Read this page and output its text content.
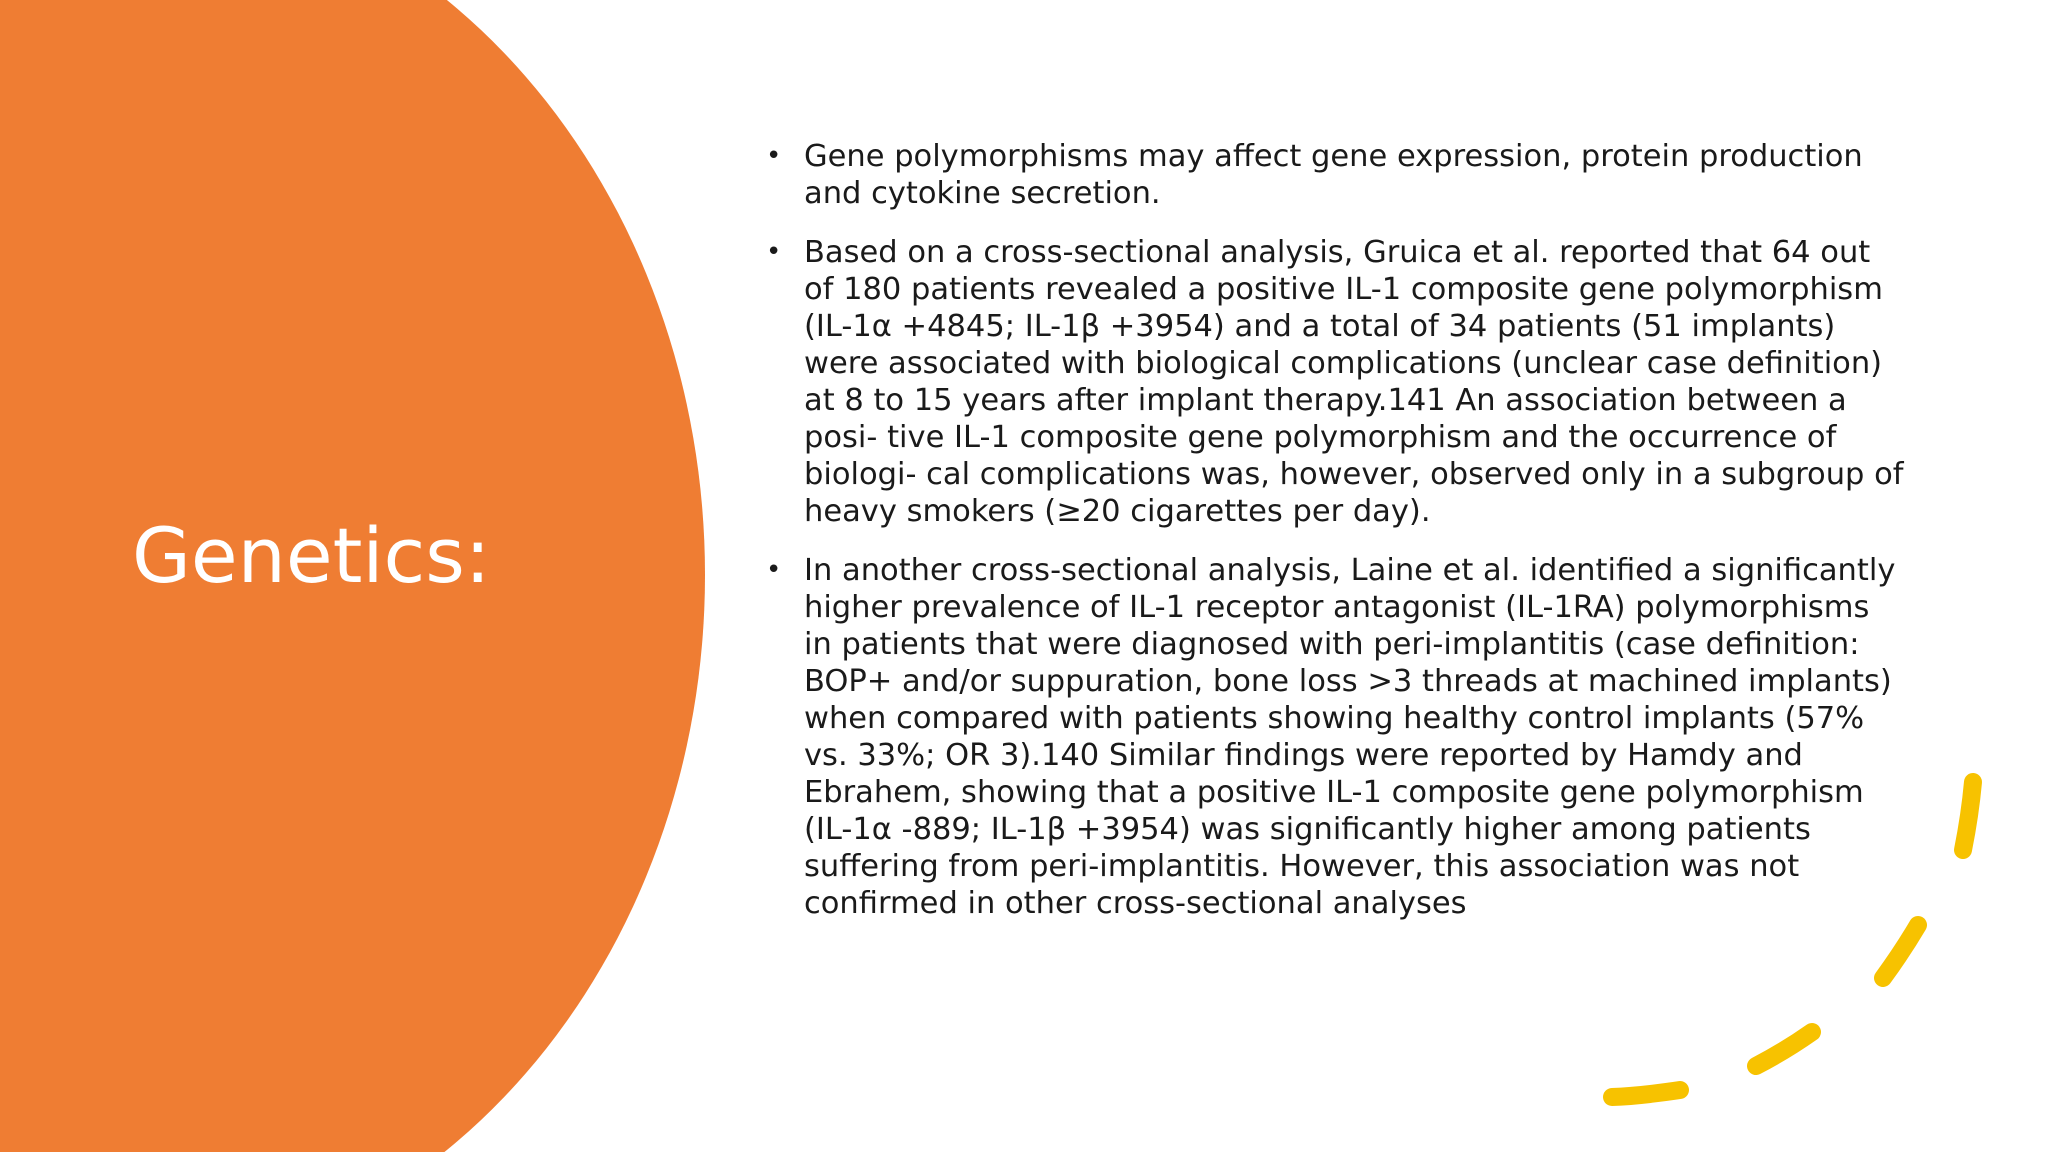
Genetics:
• Gene polymorphisms may affect gene expression, protein production and cytokine secretion.
• Based on a cross-sectional analysis, Gruica et al. reported that 64 out of 180 patients revealed a positive IL-1 composite gene polymorphism (IL-1α +4845; IL-1β +3954) and a total of 34 patients (51 implants) were associated with biological complications (unclear case definition) at 8 to 15 years after implant therapy.141 An association between a posi- tive IL-1 composite gene polymorphism and the occurrence of biologi- cal complications was, however, observed only in a subgroup of heavy smokers (≥20 cigarettes per day).
• In another cross-sectional analysis, Laine et al. identified a significantly higher prevalence of IL-1 receptor antagonist (IL-1RA) polymorphisms in patients that were diagnosed with peri-implantitis (case definition: BOP+ and/or suppuration, bone loss >3 threads at machined implants) when compared with patients showing healthy control implants (57% vs. 33%; OR 3).140 Similar findings were reported by Hamdy and Ebrahem, showing that a positive IL-1 composite gene polymorphism (IL-1α -889; IL-1β +3954) was significantly higher among patients suffering from peri-implantitis. However, this association was not confirmed in other cross-sectional analyses
